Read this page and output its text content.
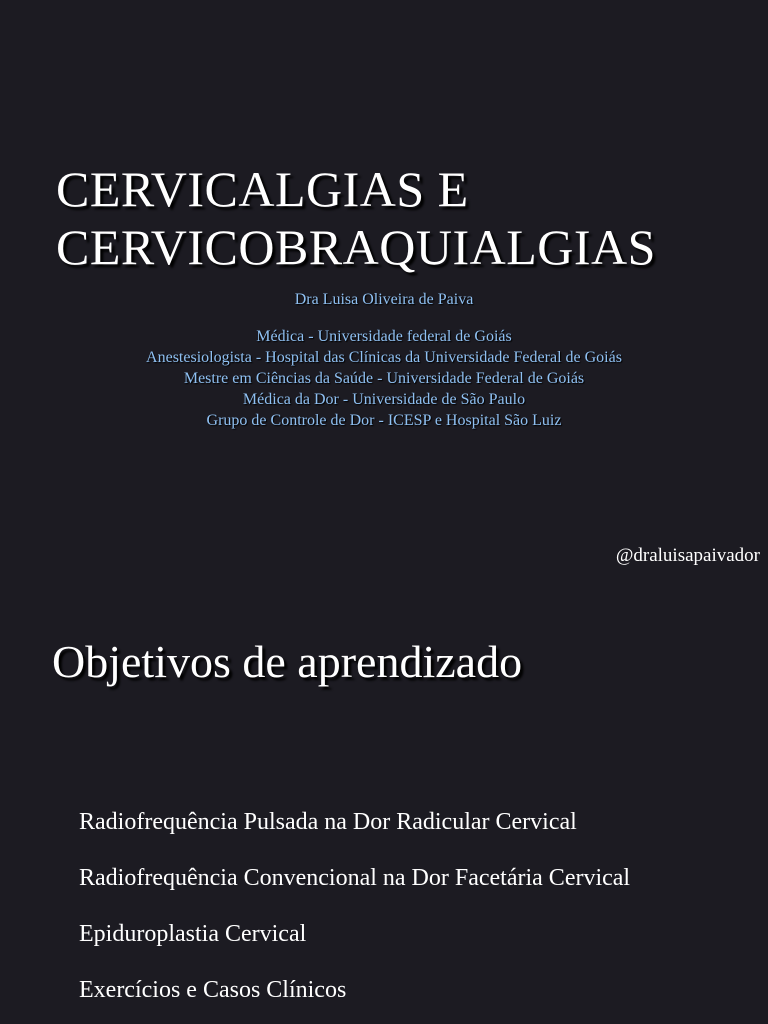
CERVICALGIAS E
CERVICOBRAQUIALGIAS
Dra Luisa Oliveira de Paiva
Médica - Universidade federal de Goiás
Anestesiologista - Hospital das Clínicas da Universidade Federal de Goiás
Mestre em Ciências da Saúde - Universidade Federal de Goiás
Médica da Dor - Universidade de São Paulo
Grupo de Controle de Dor - ICESP e Hospital São Luiz
@draluisapaivador
Objetivos de aprendizado
Radiofrequência Pulsada na Dor Radicular Cervical
Radiofrequência Convencional na Dor Facetária Cervical
Epiduroplastia Cervical
Exercícios e Casos Clínicos
